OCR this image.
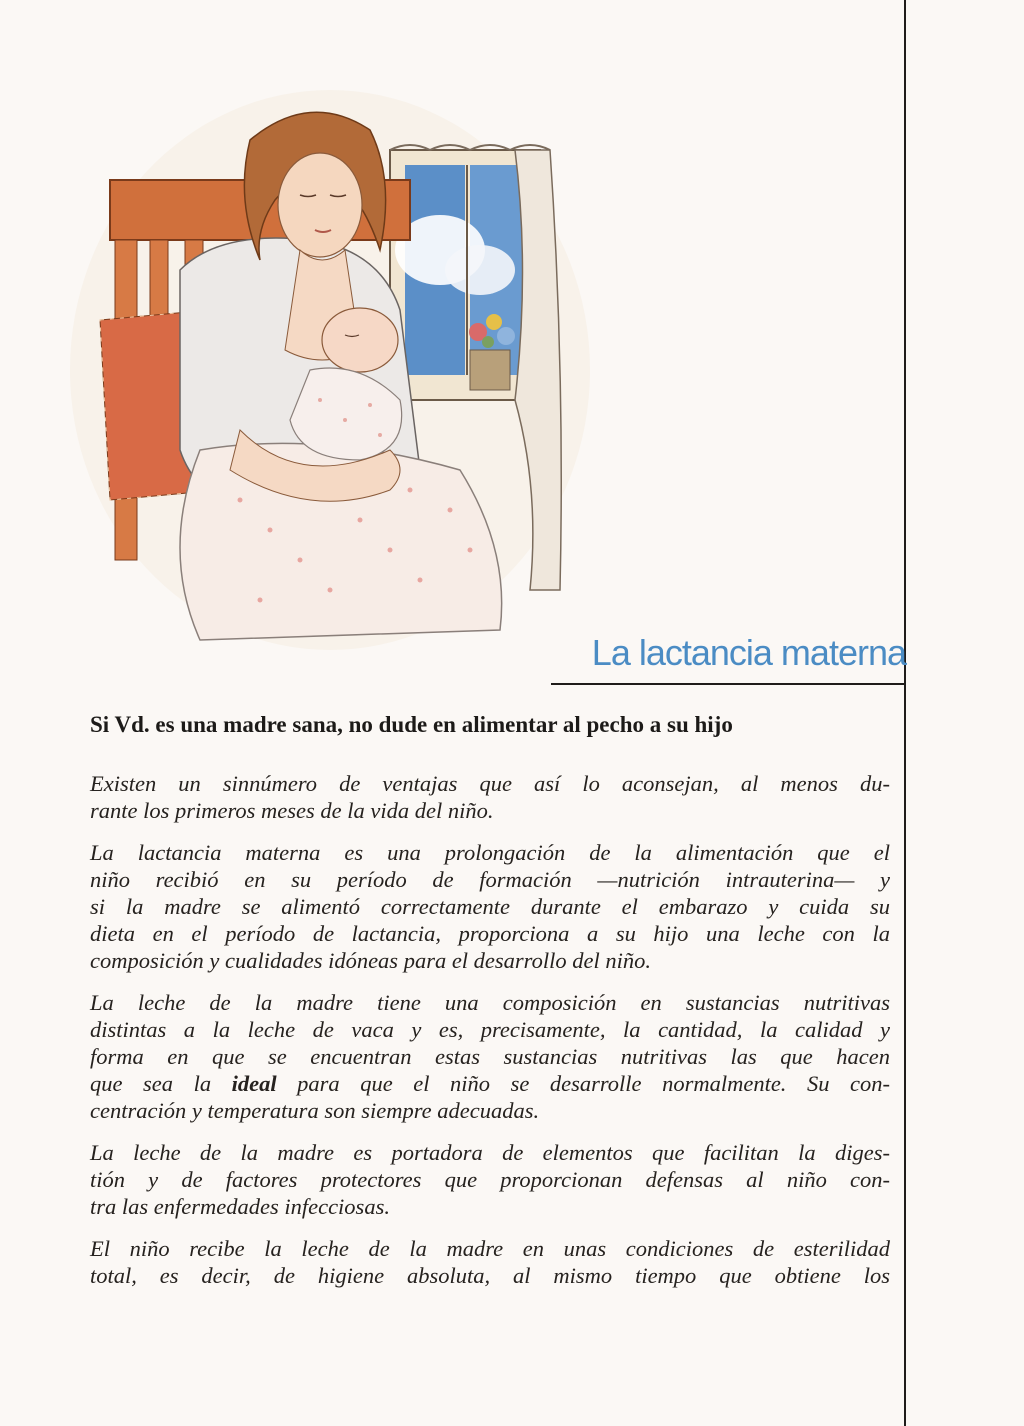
La lactancia materna
Si Vd. es una madre sana, no dude en alimentar al pecho a su hijo
Existen un sinnúmero de ventajas que así lo aconsejan, al menos du-
rante los primeros meses de la vida del niño.
La lactancia materna es una prolongación de la alimentación que el
niño recibió en su período de formación —nutrición intrauterina— y
si la madre se alimentó correctamente durante el embarazo y cuida su
dieta en el período de lactancia, proporciona a su hijo una leche con la
composición y cualidades idóneas para el desarrollo del niño.
La leche de la madre tiene una composición en sustancias nutritivas
distintas a la leche de vaca y es, precisamente, la cantidad, la calidad y
forma en que se encuentran estas sustancias nutritivas las que hacen
que sea la ideal para que el niño se desarrolle normalmente. Su con-
centración y temperatura son siempre adecuadas.
La leche de la madre es portadora de elementos que facilitan la diges-
tión y de factores protectores que proporcionan defensas al niño con-
tra las enfermedades infecciosas.
El niño recibe la leche de la madre en unas condiciones de esterilidad
total, es decir, de higiene absoluta, al mismo tiempo que obtiene los
